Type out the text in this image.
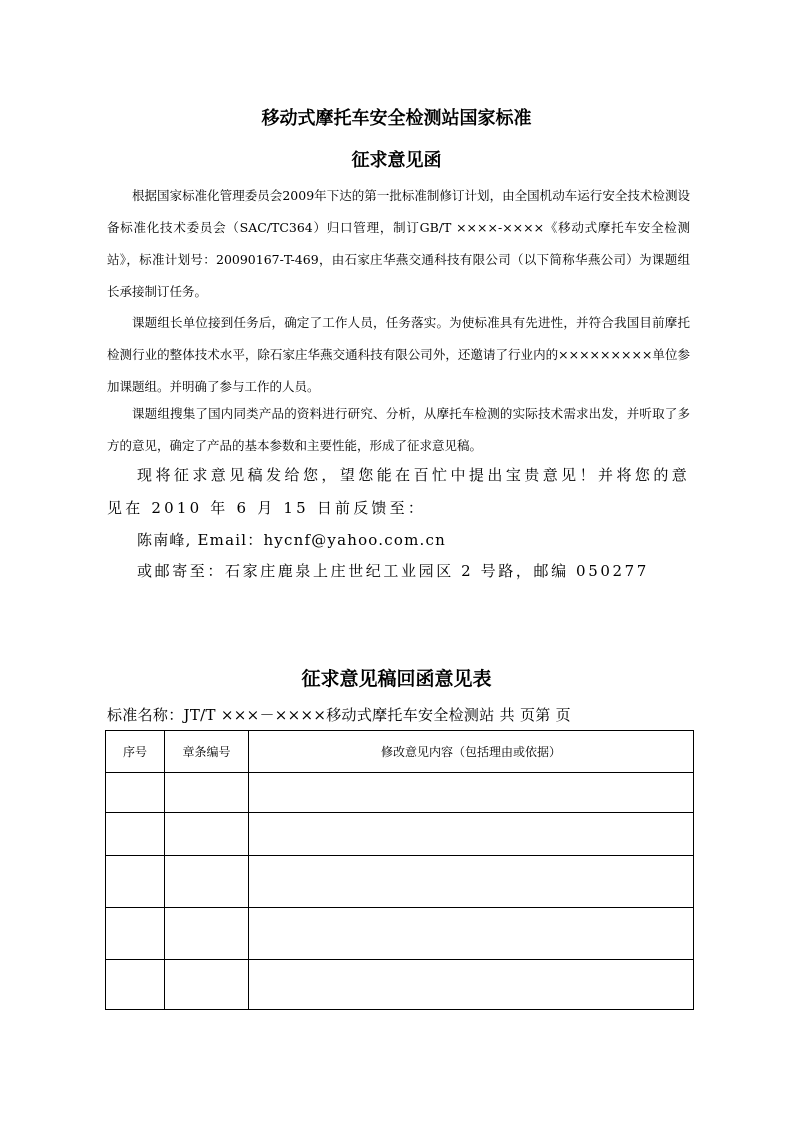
移动式摩托车安全检测站国家标准
征求意见函

根据国家标准化管理委员会2009年下达的第一批标准制修订计划，由全国机动车运行安全技术检测设备标准化技术委员会（SAC/TC364）归口管理，制订GB/T ××××-××××《移动式摩托车安全检测站》，标准计划号：20090167-T-469，由石家庄华燕交通科技有限公司（以下简称华燕公司）为课题组长承接制订任务。

课题组长单位接到任务后，确定了工作人员，任务落实。为使标准具有先进性，并符合我国目前摩托检测行业的整体技术水平，除石家庄华燕交通科技有限公司外，还邀请了行业内的×××××××××单位参加课题组。并明确了参与工作的人员。

课题组搜集了国内同类产品的资料进行研究、分析，从摩托车检测的实际技术需求出发，并听取了多方的意见，确定了产品的基本参数和主要性能，形成了征求意见稿。

现将征求意见稿发给您，望您能在百忙中提出宝贵意见！并将您的意见在 2010 年 6 月 15 日前反馈至：

陈南峰, Email：hycnf@yahoo.com.cn

或邮寄至：石家庄鹿泉上庄世纪工业园区 2 号路，邮编 050277

征求意见稿回函意见表
标准名称：JT/T ×××－××××移动式摩托车安全检测站 共 页第 页
序号	章条编号	修改意见内容（包括理由或依据）
